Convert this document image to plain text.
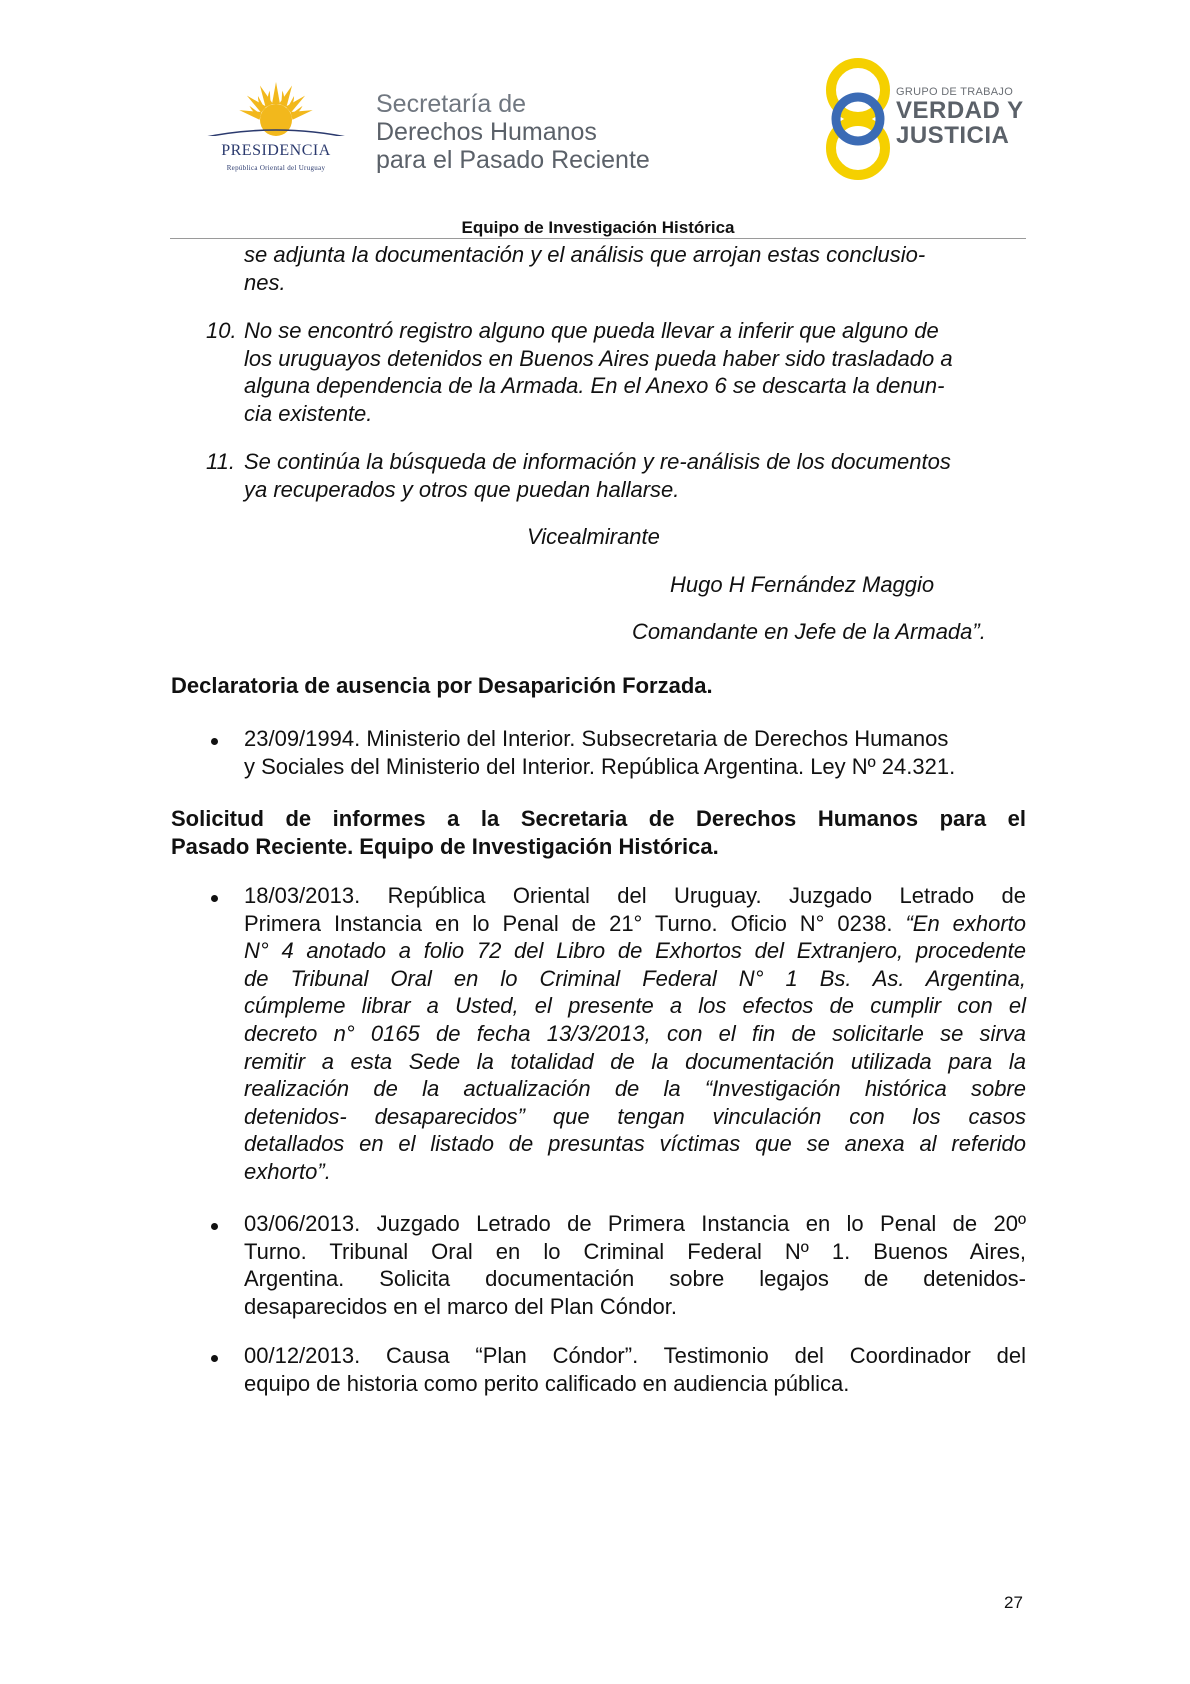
PRESIDENCIA
República Oriental del Uruguay
Secretaría de
Derechos Humanos
para el Pasado Reciente
GRUPO DE TRABAJO
VERDAD Y
JUSTICIA
Equipo de Investigación Histórica
se adjunta la documentación y el análisis que arrojan estas conclusio-
nes.
10. No se encontró registro alguno que pueda llevar a inferir que alguno de
los uruguayos detenidos en Buenos Aires pueda haber sido trasladado a
alguna dependencia de la Armada. En el Anexo 6 se descarta la denun-
cia existente.
11. Se continúa la búsqueda de información y re-análisis de los documentos
ya recuperados y otros que puedan hallarse.
Vicealmirante
Hugo H Fernández Maggio
Comandante en Jefe de la Armada”.
Declaratoria de ausencia por Desaparición Forzada.
23/09/1994. Ministerio del Interior. Subsecretaria de Derechos Humanos
y Sociales del Ministerio del Interior. República Argentina. Ley Nº 24.321.
Solicitud de informes a la Secretaria de Derechos Humanos para el
Pasado Reciente. Equipo de Investigación Histórica.
18/03/2013. República Oriental del Uruguay. Juzgado Letrado de
Primera Instancia en lo Penal de 21° Turno. Oficio N° 0238. “En exhorto
N° 4 anotado a folio 72 del Libro de Exhortos del Extranjero, procedente
de Tribunal Oral en lo Criminal Federal N° 1 Bs. As. Argentina,
cúmpleme librar a Usted, el presente a los efectos de cumplir con el
decreto n° 0165 de fecha 13/3/2013, con el fin de solicitarle se sirva
remitir a esta Sede la totalidad de la documentación utilizada para la
realización de la actualización de la “Investigación histórica sobre
detenidos- desaparecidos” que tengan vinculación con los casos
detallados en el listado de presuntas víctimas que se anexa al referido
exhorto”.
03/06/2013. Juzgado Letrado de Primera Instancia en lo Penal de 20º
Turno. Tribunal Oral en lo Criminal Federal Nº 1. Buenos Aires,
Argentina. Solicita documentación sobre legajos de detenidos-
desaparecidos en el marco del Plan Cóndor.
00/12/2013. Causa “Plan Cóndor”. Testimonio del Coordinador del
equipo de historia como perito calificado en audiencia pública.
27
